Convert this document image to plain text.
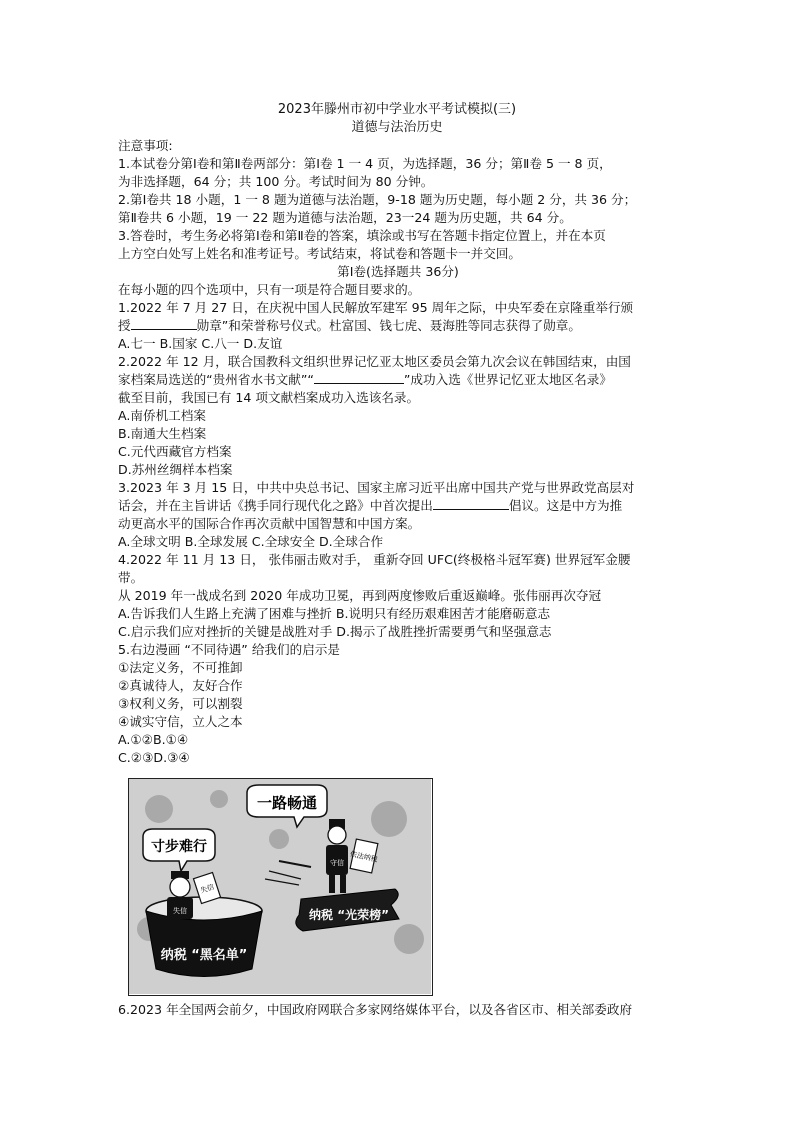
2023年滕州市初中学业水平考试模拟(三)
道德与法治历史

注意事项:

1.本试卷分第Ⅰ卷和第Ⅱ卷两部分：第Ⅰ卷 1 一 4 页，为选择题，36 分；第Ⅱ卷 5 一 8 页，

为非选择题，64 分；共 100 分。考试时间为 80 分钟。

2.第Ⅰ卷共 18 小题，1 一 8 题为道德与法治题，9-18 题为历史题，每小题 2 分，共 36 分；

第Ⅱ卷共 6 小题，19 一 22 题为道德与法治题，23一24 题为历史题，共 64 分。

3.答卷时，考生务必将第Ⅰ卷和第Ⅱ卷的答案，填涂或书写在答题卡指定位置上，并在本页

上方空白处写上姓名和准考证号。考试结束，将试卷和答题卡一并交回。

第Ⅰ卷(选择题共 36分)

在每小题的四个选项中，只有一项是符合题目要求的。

1.2022 年 7 月 27 日，在庆祝中国人民解放军建军 95 周年之际，中央军委在京隆重举行颁

授	勋章”和荣誉称号仪式。杜富国、钱七虎、聂海胜等同志获得了勋章。

A.七一 B.国家 C.八一 D.友谊

2.2022 年 12 月，联合国教科文组织世界记忆亚太地区委员会第九次会议在韩国结束，由国

家档案局选送的“贵州省水书文献”“	”成功入选《世界记忆亚太地区名录》

截至目前，我国已有 14 项文献档案成功入选该名录。

A.南侨机工档案

B.南通大生档案

C.元代西藏官方档案

D.苏州丝绸样本档案

3.2023 年 3 月 15 日，中共中央总书记、国家主席习近平出席中国共产党与世界政党高层对

话会，并在主旨讲话《携手同行现代化之路》中首次提出	倡议。这是中方为推

动更高水平的国际合作再次贡献中国智慧和中国方案。

A.全球文明 B.全球发展 C.全球安全 D.全球合作

4.2022 年 11 月 13 日， 张伟丽击败对手， 重新夺回 UFC(终极格斗冠军赛) 世界冠军金腰

带。

从 2019 年一战成名到 2020 年成功卫冕，再到两度惨败后重返巅峰。张伟丽再次夺冠

A.告诉我们人生路上充满了困难与挫折 B.说明只有经历艰难困苦才能磨砺意志

C.启示我们应对挫折的关键是战胜对手 D.揭示了战胜挫折需要勇气和坚强意志

5.右边漫画 “不同待遇” 给我们的启示是

①法定义务，不可推卸

②真诚待人，友好合作

③权利义务，可以割裂

④诚实守信，立人之本

A.①②B.①④

C.②③D.③④

一路畅通
寸步难行
纳税 “光荣榜”
守信 依法纳税
纳税 “黑名单”
失信
失信
6.2023 年全国两会前夕，中国政府网联合多家网络媒体平台，以及各省区市、相关部委政府
